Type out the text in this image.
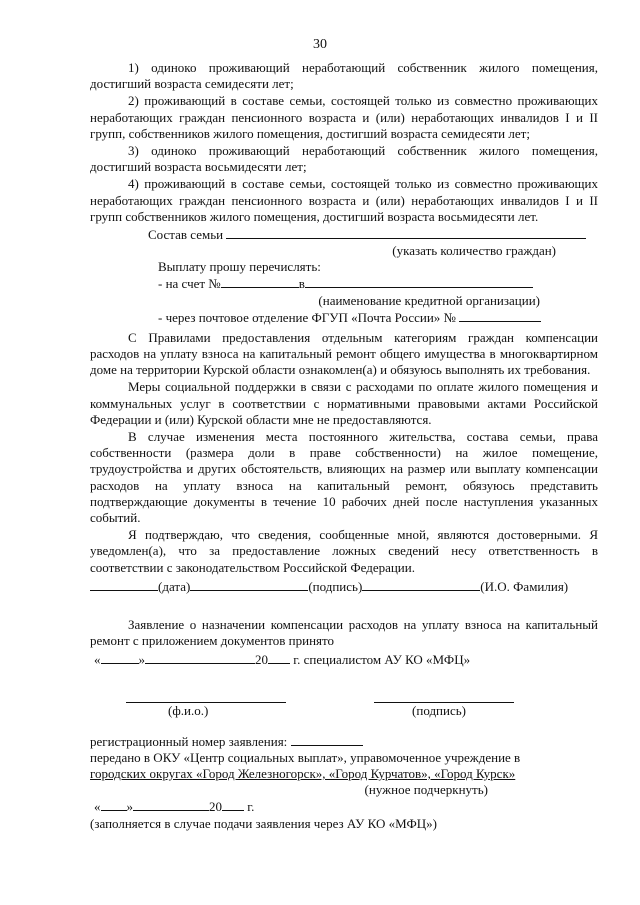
30

1) одиноко проживающий неработающий собственник жилого помещения, достигший возраста семидесяти лет;

2) проживающий в составе семьи, состоящей только из совместно проживающих неработающих граждан пенсионного возраста и (или) неработающих инвалидов I и II групп, собственников жилого помещения, достигший возраста семидесяти лет;

3) одиноко проживающий неработающий собственник жилого помещения, достигший возраста восьмидесяти лет;

4) проживающий в составе семьи, состоящей только из совместно проживающих неработающих граждан пенсионного возраста и (или) неработающих инвалидов I и II групп собственников жилого помещения, достигший возраста восьмидесяти лет.

Состав семьи
(указать количество граждан)
Выплату прошу перечислять:
- на счет №	в
(наименование кредитной организации)
- через почтовое отделение ФГУП «Почта России» №

С Правилами предоставления отдельным категориям граждан компенсации расходов на уплату взноса на капитальный ремонт общего имущества в многоквартирном доме на территории Курской области ознакомлен(а) и обязуюсь выполнять их требования.

Меры социальной поддержки в связи с расходами по оплате жилого помещения и коммунальных услуг в соответствии с нормативными правовыми актами Российской Федерации и (или) Курской области мне не предоставляются.

В случае изменения места постоянного жительства, состава семьи, права собственности (размера доли в праве собственности) на жилое помещение, трудоустройства и других обстоятельств, влияющих на размер или выплату компенсации расходов на уплату взноса на капитальный ремонт, обязуюсь представить подтверждающие документы в течение 10 рабочих дней после наступления указанных событий.

Я подтверждаю, что сведения, сообщенные мной, являются достоверными. Я уведомлен(а), что за предоставление ложных сведений несу ответственность в соответствии с законодательством Российской Федерации.

(дата)	(подпись)	(И.О. Фамилия)

Заявление о назначении компенсации расходов на уплату взноса на капитальный ремонт с приложением документов принято

«	»	20 г. специалистом АУ КО «МФЦ»
(ф.и.о.)	(подпись)
регистрационный номер заявления:
передано в ОКУ «Центр социальных выплат», управомоченное учреждение в
городских округах «Город Железногорск», «Город Курчатов», «Город Курск»
(нужное подчеркнуть)
« »	20 г.
(заполняется в случае подачи заявления через АУ КО «МФЦ»)
